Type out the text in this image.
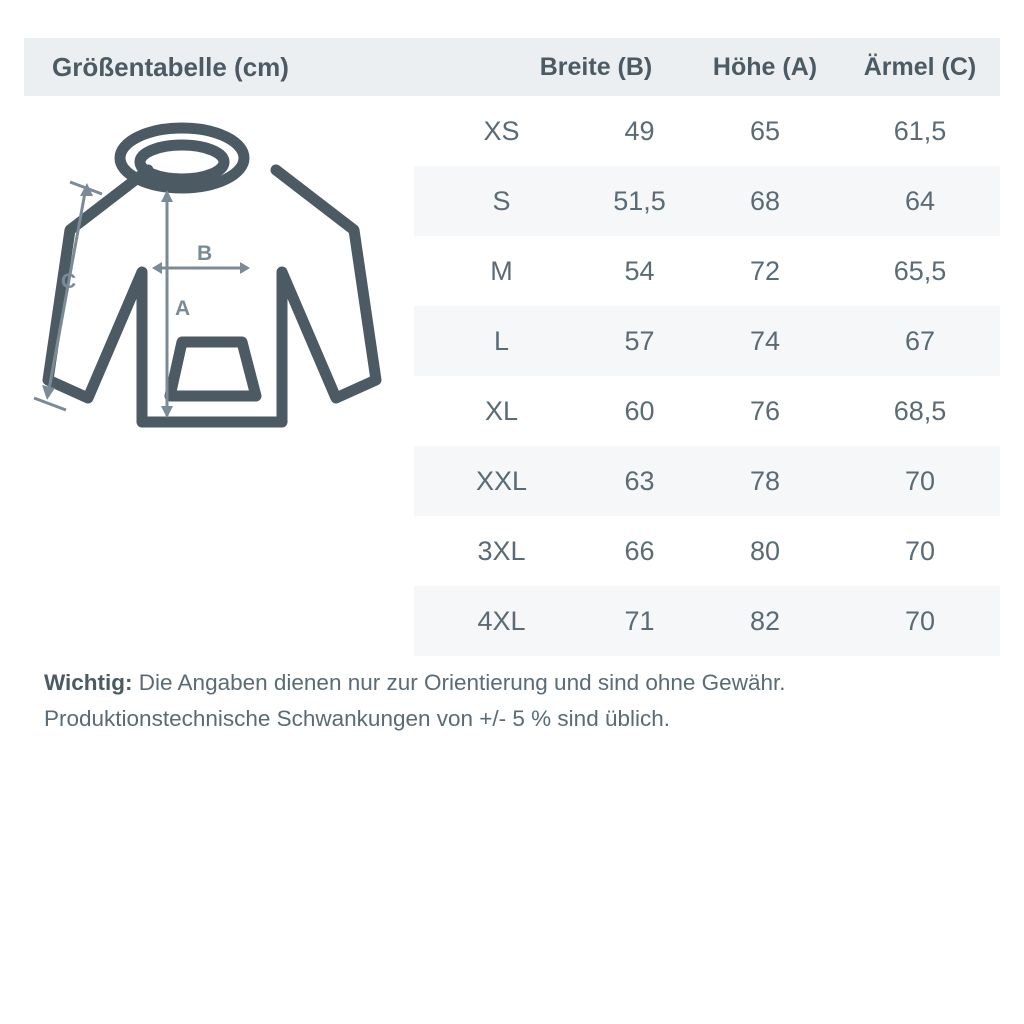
Größentabelle (cm)	Breite (B)	Höhe (A)	Ärmel (C)
B
A
C
XS	49	65	61,5
S	51,5	68	64
M	54	72	65,5
L	57	74	67
XL	60	76	68,5
XXL	63	78	70
3XL	66	80	70
4XL	71	82	70
Wichtig: Die Angaben dienen nur zur Orientierung und sind ohne Gewähr. Produktionstechnische Schwankungen von +/- 5 % sind üblich.
